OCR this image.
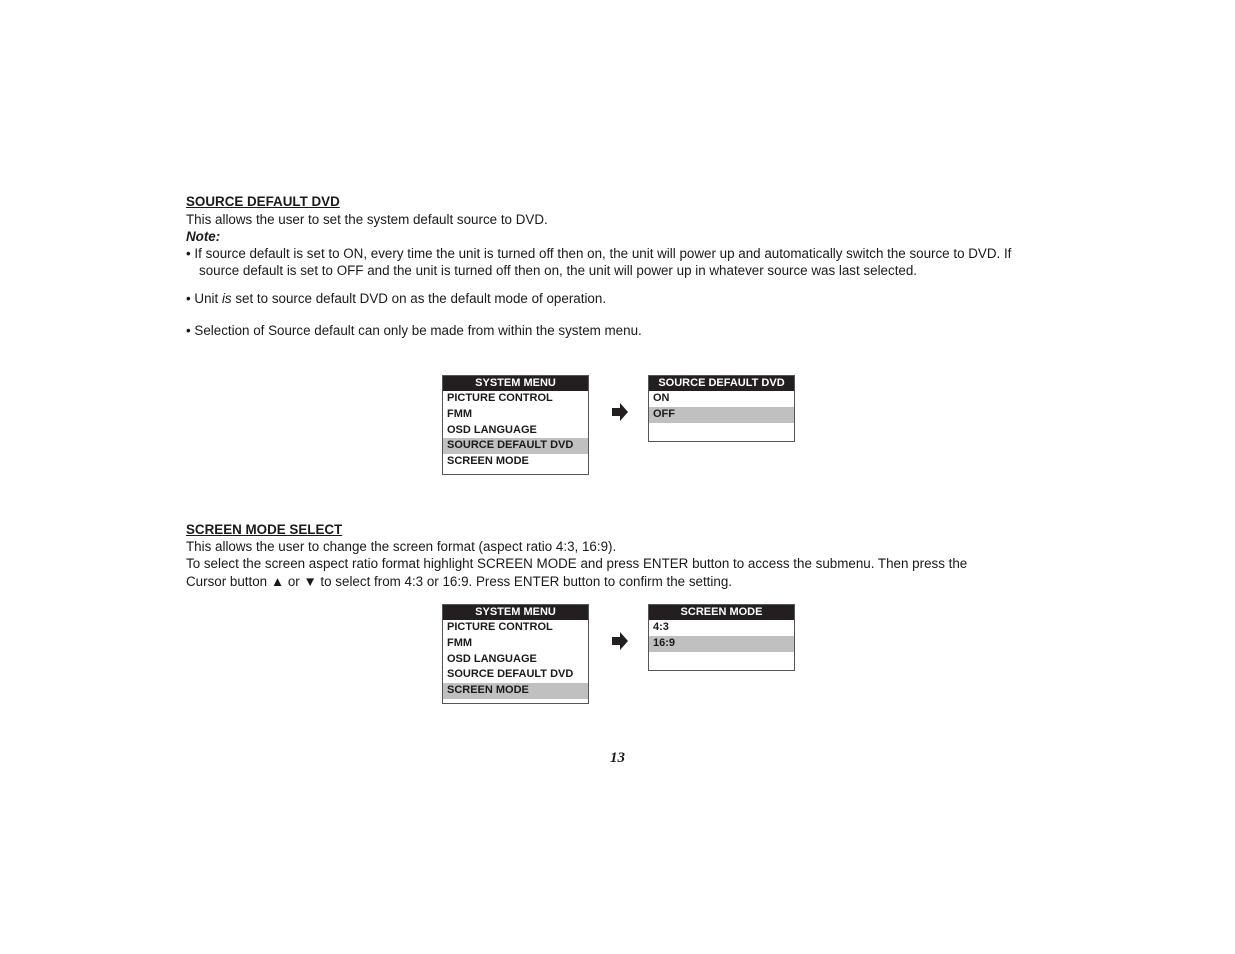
SOURCE DEFAULT DVD
This allows the user to set the system default source to DVD.
Note:
• If source default is set to ON, every time the unit is turned off then on, the unit will power up and automatically switch the source to DVD. If
source default is set to OFF and the unit is turned off then on, the unit will power up in whatever source was last selected.
• Unit is set to source default DVD on as the default mode of operation.
• Selection of Source default can only be made from within the system menu.
SYSTEM MENU
PICTURE CONTROL
FMM
OSD LANGUAGE
SOURCE DEFAULT DVD
SCREEN MODE
SOURCE DEFAULT DVD
ON
OFF
SCREEN MODE SELECT
This allows the user to change the screen format (aspect ratio 4:3, 16:9).
To select the screen aspect ratio format highlight SCREEN MODE and press ENTER button to access the submenu. Then press the
Cursor button ▲ or ▼ to select from 4:3 or 16:9. Press ENTER button to confirm the setting.
SYSTEM MENU
PICTURE CONTROL
FMM
OSD LANGUAGE
SOURCE DEFAULT DVD
SCREEN MODE
SCREEN MODE
4:3
16:9
13
